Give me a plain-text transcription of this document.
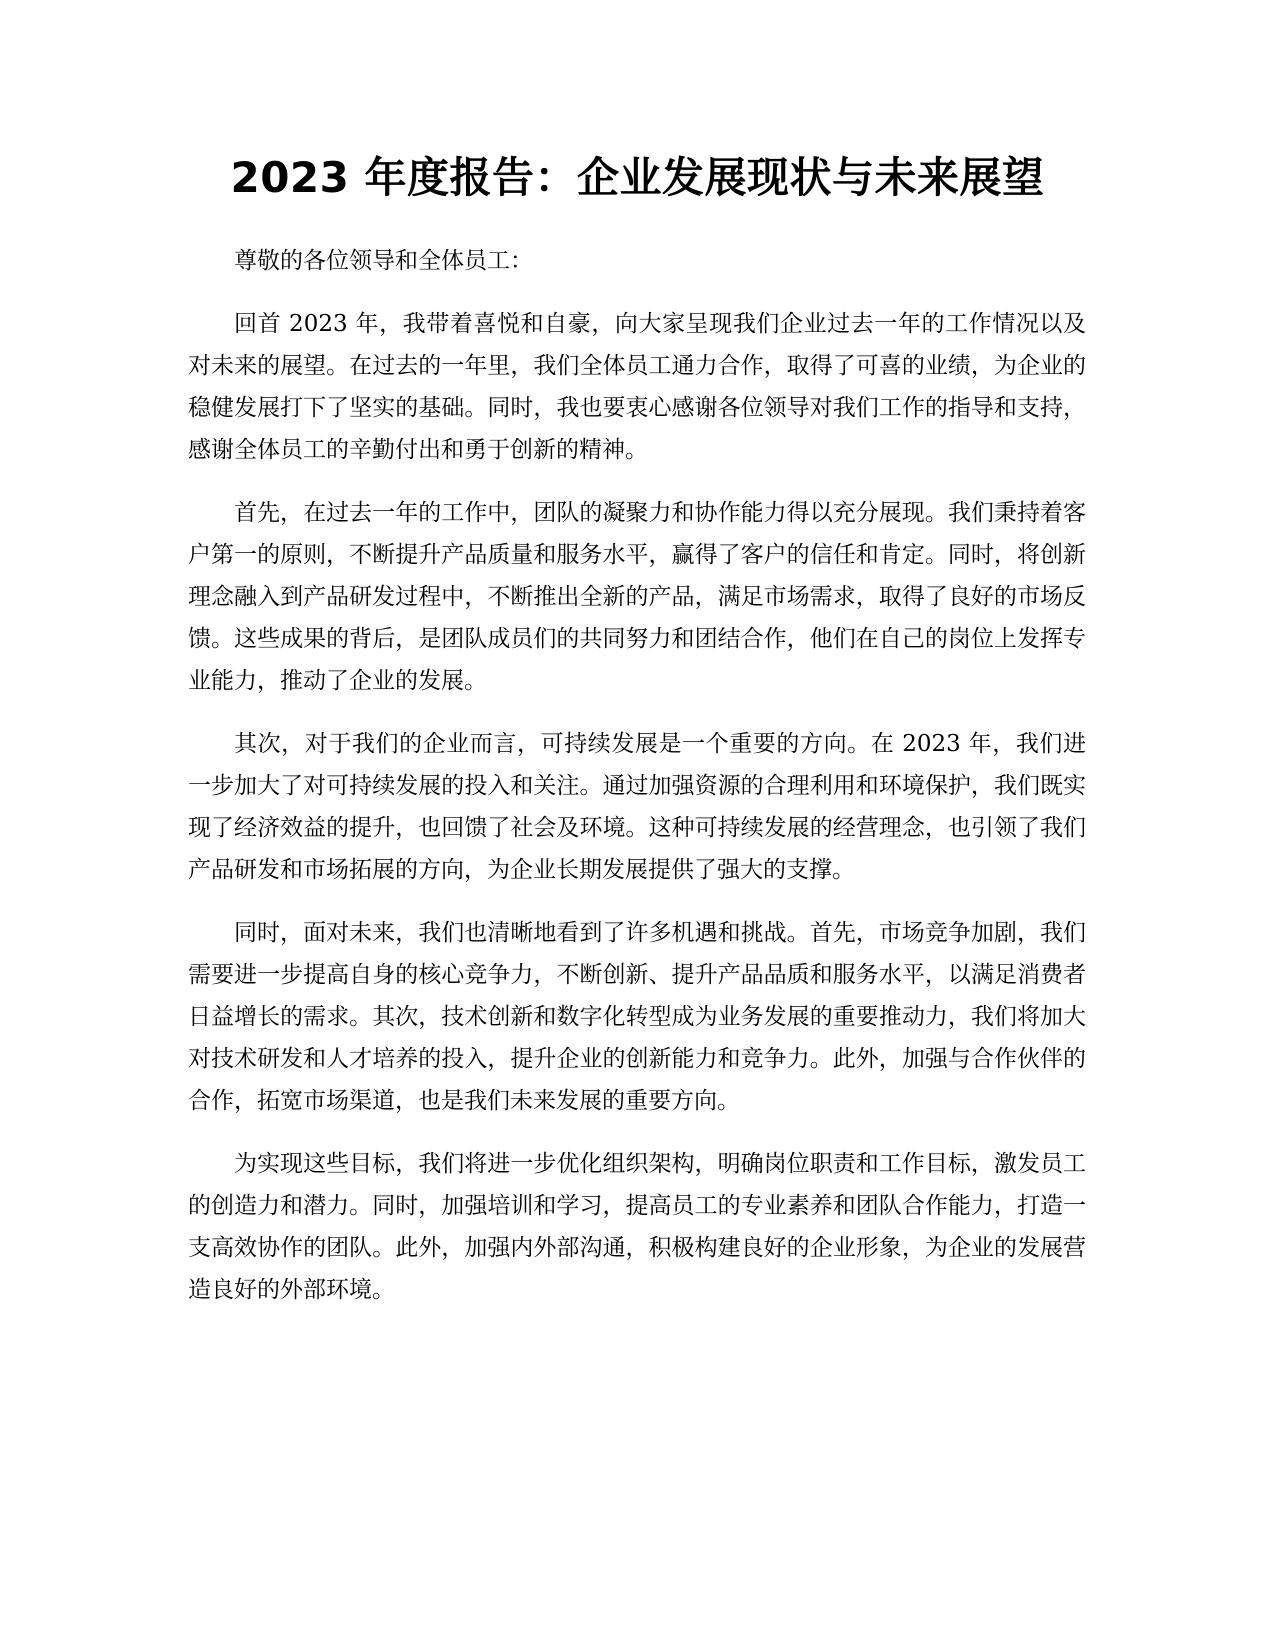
2023 年度报告：企业发展现状与未来展望

尊敬的各位领导和全体员工：

回首 2023 年，我带着喜悦和自豪，向大家呈现我们企业过去一年的工作情况以及对未来的展望。在过去的一年里，我们全体员工通力合作，取得了可喜的业绩，为企业的稳健发展打下了坚实的基础。同时，我也要衷心感谢各位领导对我们工作的指导和支持，感谢全体员工的辛勤付出和勇于创新的精神。

首先，在过去一年的工作中，团队的凝聚力和协作能力得以充分展现。我们秉持着客户第一的原则，不断提升产品质量和服务水平，赢得了客户的信任和肯定。同时，将创新理念融入到产品研发过程中，不断推出全新的产品，满足市场需求，取得了良好的市场反馈。这些成果的背后，是团队成员们的共同努力和团结合作，他们在自己的岗位上发挥专业能力，推动了企业的发展。

其次，对于我们的企业而言，可持续发展是一个重要的方向。在 2023 年，我们进一步加大了对可持续发展的投入和关注。通过加强资源的合理利用和环境保护，我们既实现了经济效益的提升，也回馈了社会及环境。这种可持续发展的经营理念，也引领了我们产品研发和市场拓展的方向，为企业长期发展提供了强大的支撑。

同时，面对未来，我们也清晰地看到了许多机遇和挑战。首先，市场竞争加剧，我们需要进一步提高自身的核心竞争力，不断创新、提升产品品质和服务水平，以满足消费者日益增长的需求。其次，技术创新和数字化转型成为业务发展的重要推动力，我们将加大对技术研发和人才培养的投入，提升企业的创新能力和竞争力。此外，加强与合作伙伴的合作，拓宽市场渠道，也是我们未来发展的重要方向。

为实现这些目标，我们将进一步优化组织架构，明确岗位职责和工作目标，激发员工的创造力和潜力。同时，加强培训和学习，提高员工的专业素养和团队合作能力，打造一支高效协作的团队。此外，加强内外部沟通，积极构建良好的企业形象，为企业的发展营造良好的外部环境。
